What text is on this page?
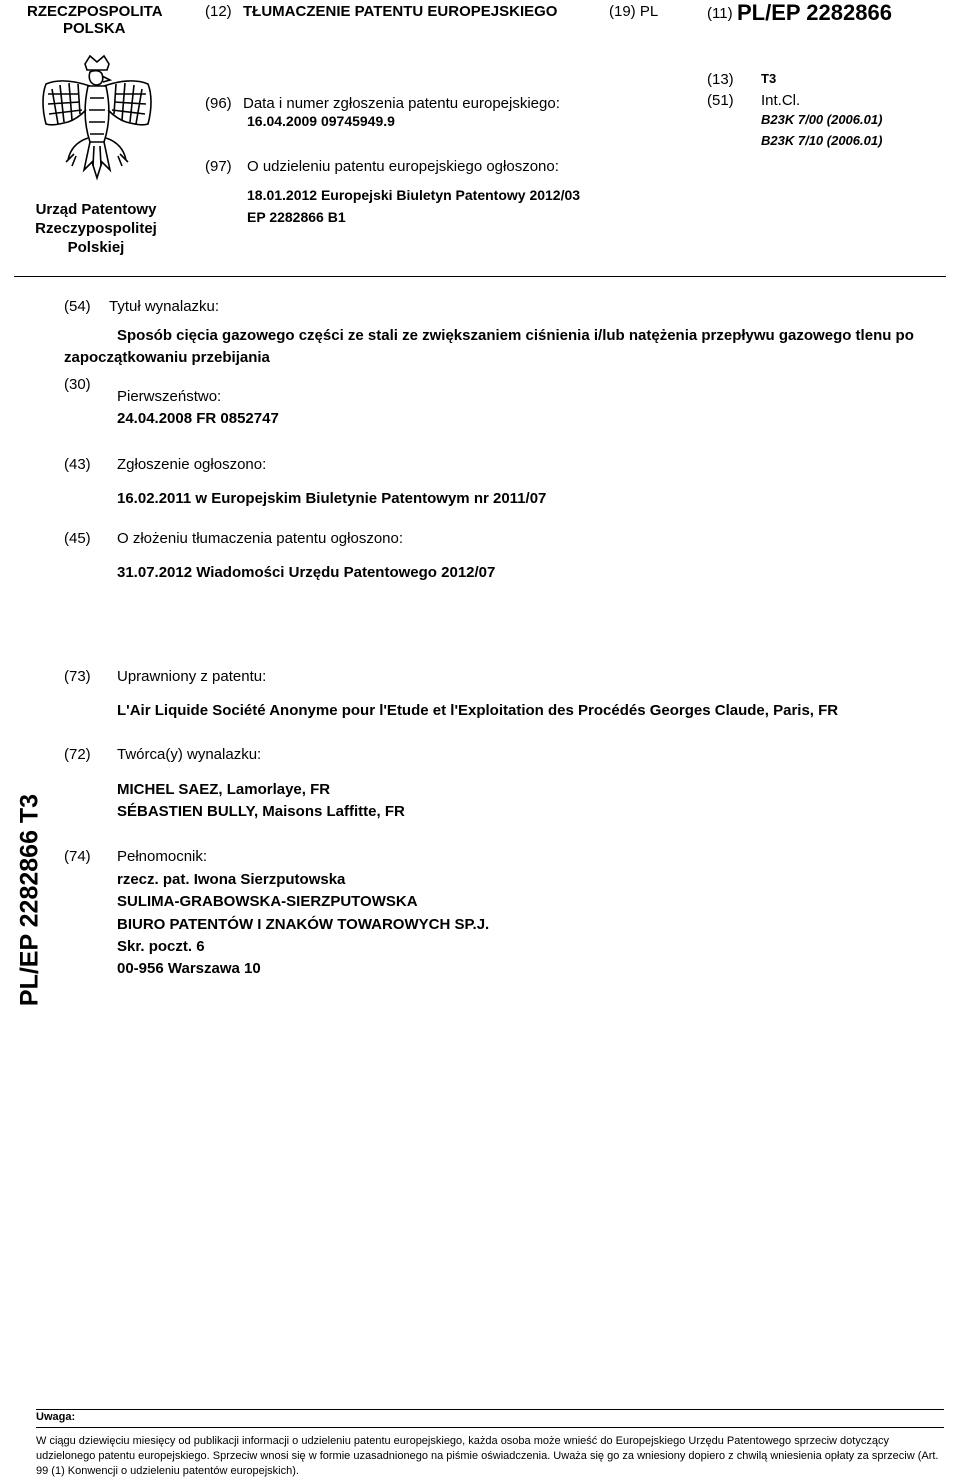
RZECZPOSPOLITA
POLSKA
(12) TŁUMACZENIE PATENTU EUROPEJSKIEGO	(19) PL	(11) PL/EP 2282866
Urząd Patentowy
Rzeczypospolitej
Polskiej
(96) Data i numer zgłoszenia patentu europejskiego:
16.04.2009 09745949.9
(97) O udzieleniu patentu europejskiego ogłoszono:
18.01.2012 Europejski Biuletyn Patentowy 2012/03
EP 2282866 B1
(13) T3
(51) Int.Cl.
B23K 7/00 (2006.01)
B23K 7/10 (2006.01)
(54) Tytuł wynalazku:
Sposób cięcia gazowego części ze stali ze zwiększaniem ciśnienia i/lub natężenia przepływu gazowego tlenu po zapoczątkowaniu przebijania
(30)
Pierwszeństwo:
24.04.2008 FR 0852747
(43) Zgłoszenie ogłoszono:
16.02.2011 w Europejskim Biuletynie Patentowym nr 2011/07
(45) O złożeniu tłumaczenia patentu ogłoszono:
31.07.2012 Wiadomości Urzędu Patentowego 2012/07
(73) Uprawniony z patentu:
L'Air Liquide Société Anonyme pour l'Etude et l'Exploitation des Procédés Georges Claude, Paris, FR
(72) Twórca(y) wynalazku:
MICHEL SAEZ, Lamorlaye, FR
SÉBASTIEN BULLY, Maisons Laffitte, FR
(74) Pełnomocnik:
rzecz. pat. Iwona Sierzputowska
SULIMA-GRABOWSKA-SIERZPUTOWSKA
BIURO PATENTÓW I ZNAKÓW TOWAROWYCH SP.J.
Skr. poczt. 6
00-956 Warszawa 10
PL/EP 2282866 T3
Uwaga:
W ciągu dziewięciu miesięcy od publikacji informacji o udzieleniu patentu europejskiego, każda osoba może wnieść do Europejskiego Urzędu Patentowego sprzeciw dotyczący udzielonego patentu europejskiego. Sprzeciw wnosi się w formie uzasadnionego na piśmie oświadczenia. Uważa się go za wniesiony dopiero z chwilą wniesienia opłaty za sprzeciw (Art. 99 (1) Konwencji o udzieleniu patentów europejskich).
